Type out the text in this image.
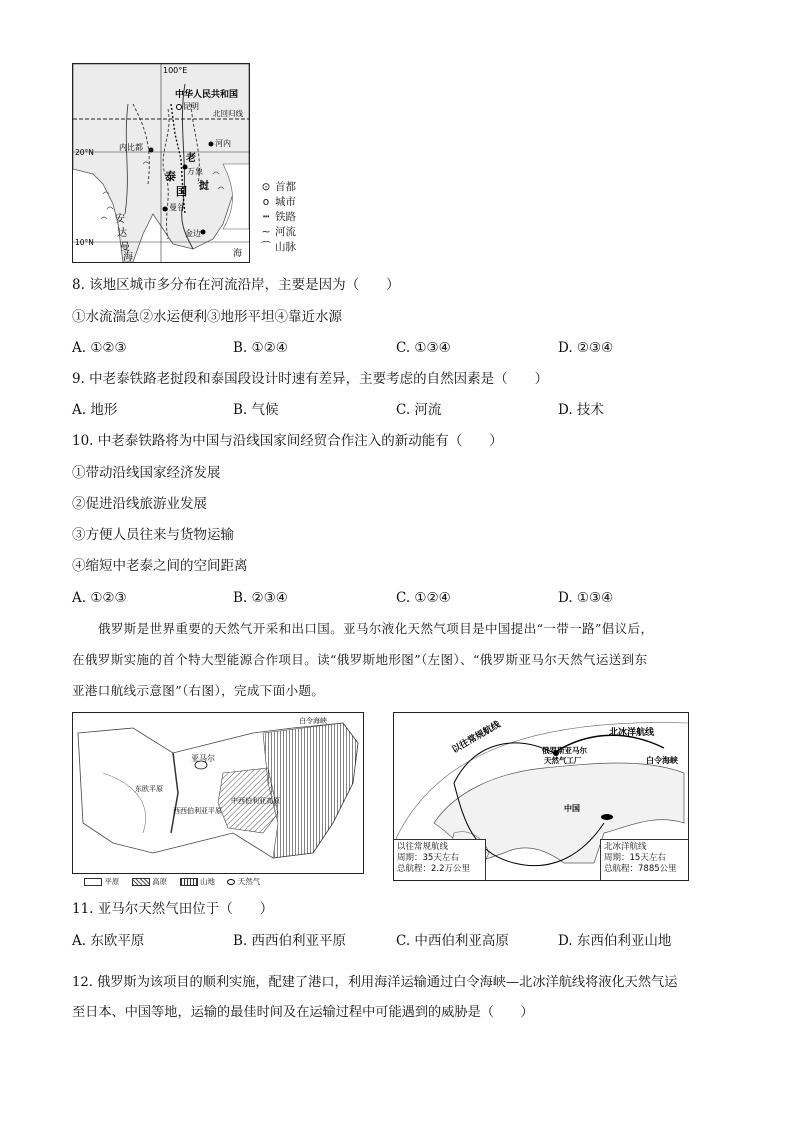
100°E
中华人民共和国
昆明
北回归线
20°N
10°N
内比都	河内
老
万象
挝
泰
国
曼谷
金边
安
达
曼
海	海
⊙ 首都
o 城市
┅ 铁路
∼ 河流
⌒ 山脉
8. 该地区城市多分布在河流沿岸，主要是因为（　　）
①水流湍急②水运便利③地形平坦④靠近水源
A. ①②③	B. ①②④	C. ①③④	D. ②③④
9. 中老泰铁路老挝段和泰国段设计时速有差异，主要考虑的自然因素是（　　）
A. 地形	B. 气候	C. 河流	D. 技术
10. 中老泰铁路将为中国与沿线国家间经贸合作注入的新动能有（　　）
①带动沿线国家经济发展
②促进沿线旅游业发展
③方便人员往来与货物运输
④缩短中老泰之间的空间距离
A. ①②③	B. ②③④	C. ①②④	D. ①③④
俄罗斯是世界重要的天然气开采和出口国。亚马尔液化天然气项目是中国提出“一带一路”倡议后，
在俄罗斯实施的首个特大型能源合作项目。读“俄罗斯地形图”（左图）、“俄罗斯亚马尔天然气运送到东
亚港口航线示意图”（右图），完成下面小题。
白令海峡
亚马尔
东欧平原
西西伯利亚平原
中西伯利亚高原
平原	高原	山地	天然气
北冰洋航线
以往常规航线	俄罗斯亚马尔
天然气工厂	白令海峡
中国
以往常规航线
周期：35天左右
总航程：2.2万公里
北冰洋航线
周期：15天左右
总航程：7885公里
11. 亚马尔天然气田位于（　　）
A. 东欧平原	B. 西西伯利亚平原	C. 中西伯利亚高原	D. 东西伯利亚山地
12. 俄罗斯为该项目的顺利实施，配建了港口，利用海洋运输通过白令海峡—北冰洋航线将液化天然气运
至日本、中国等地，运输的最佳时间及在运输过程中可能遇到的威胁是（　　）
